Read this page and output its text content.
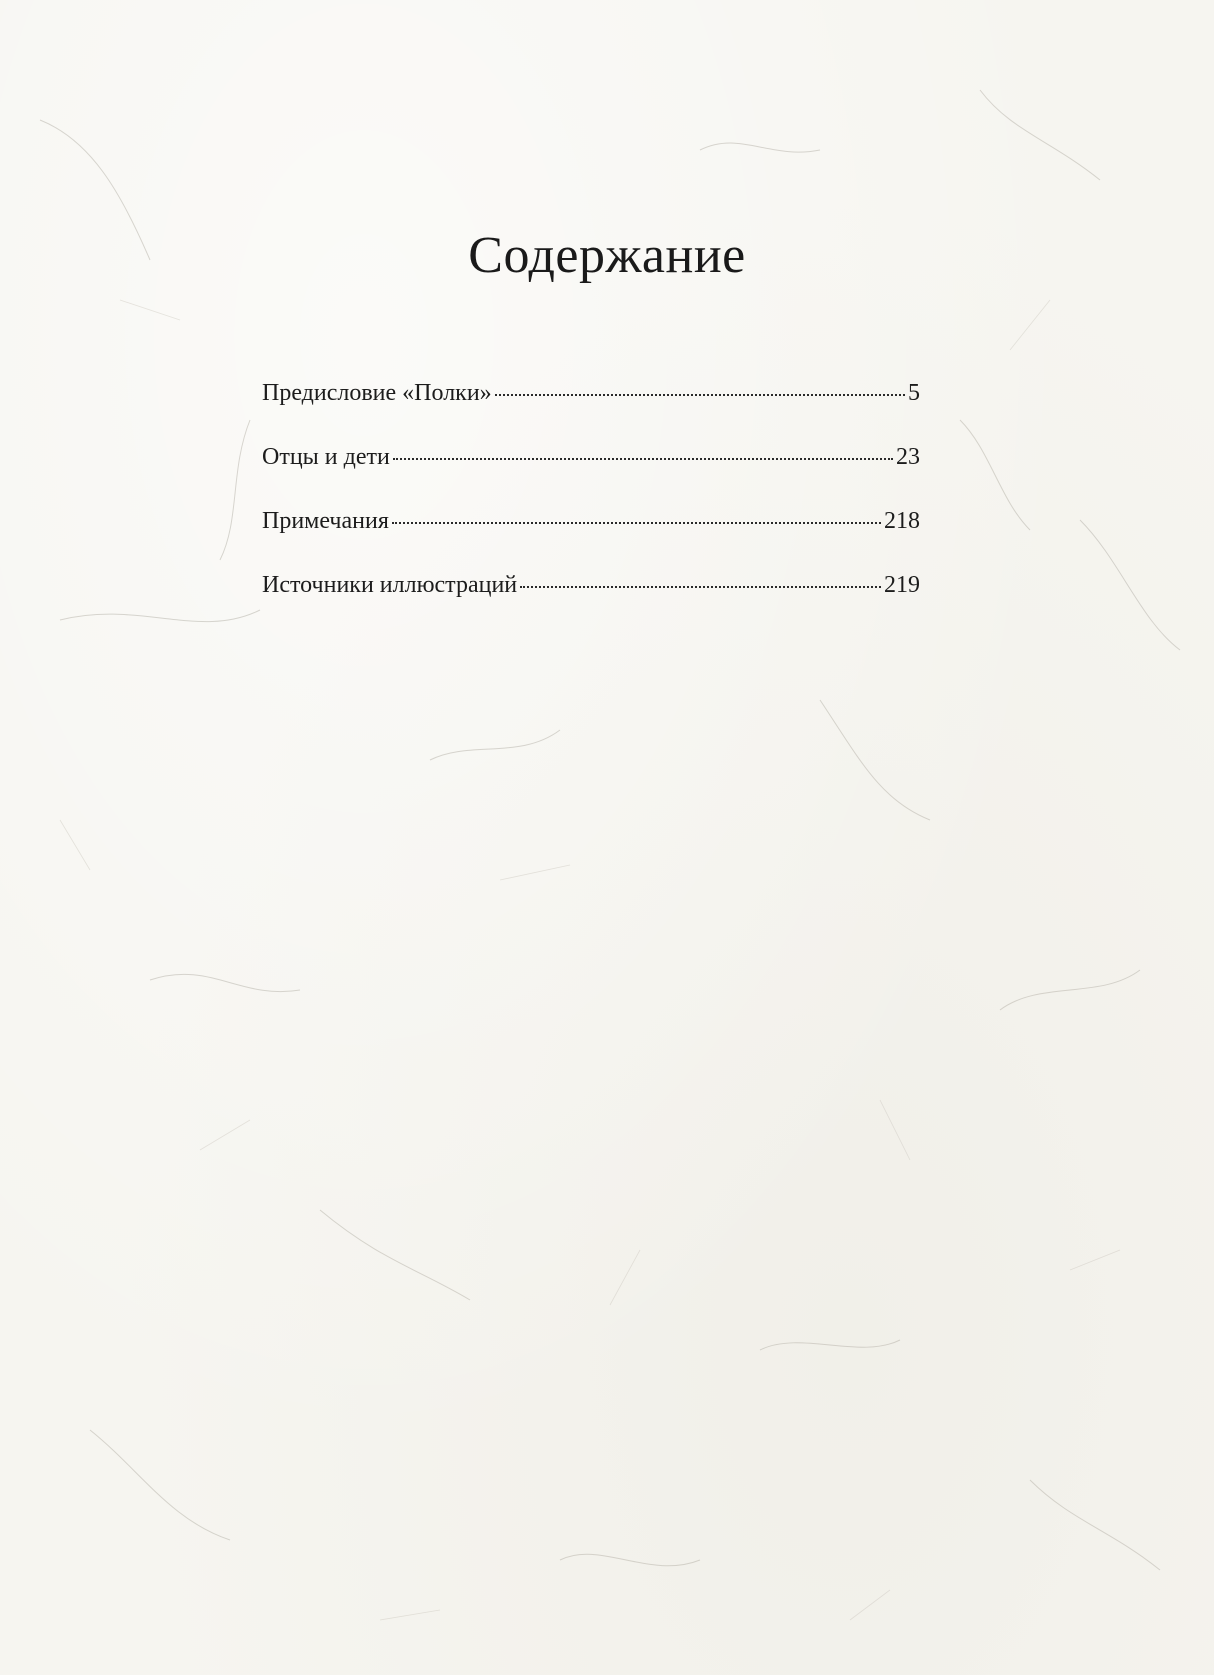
Содержание
Предисловие «Полки»	5
Отцы и дети	23
Примечания	218
Источники иллюстраций	219
